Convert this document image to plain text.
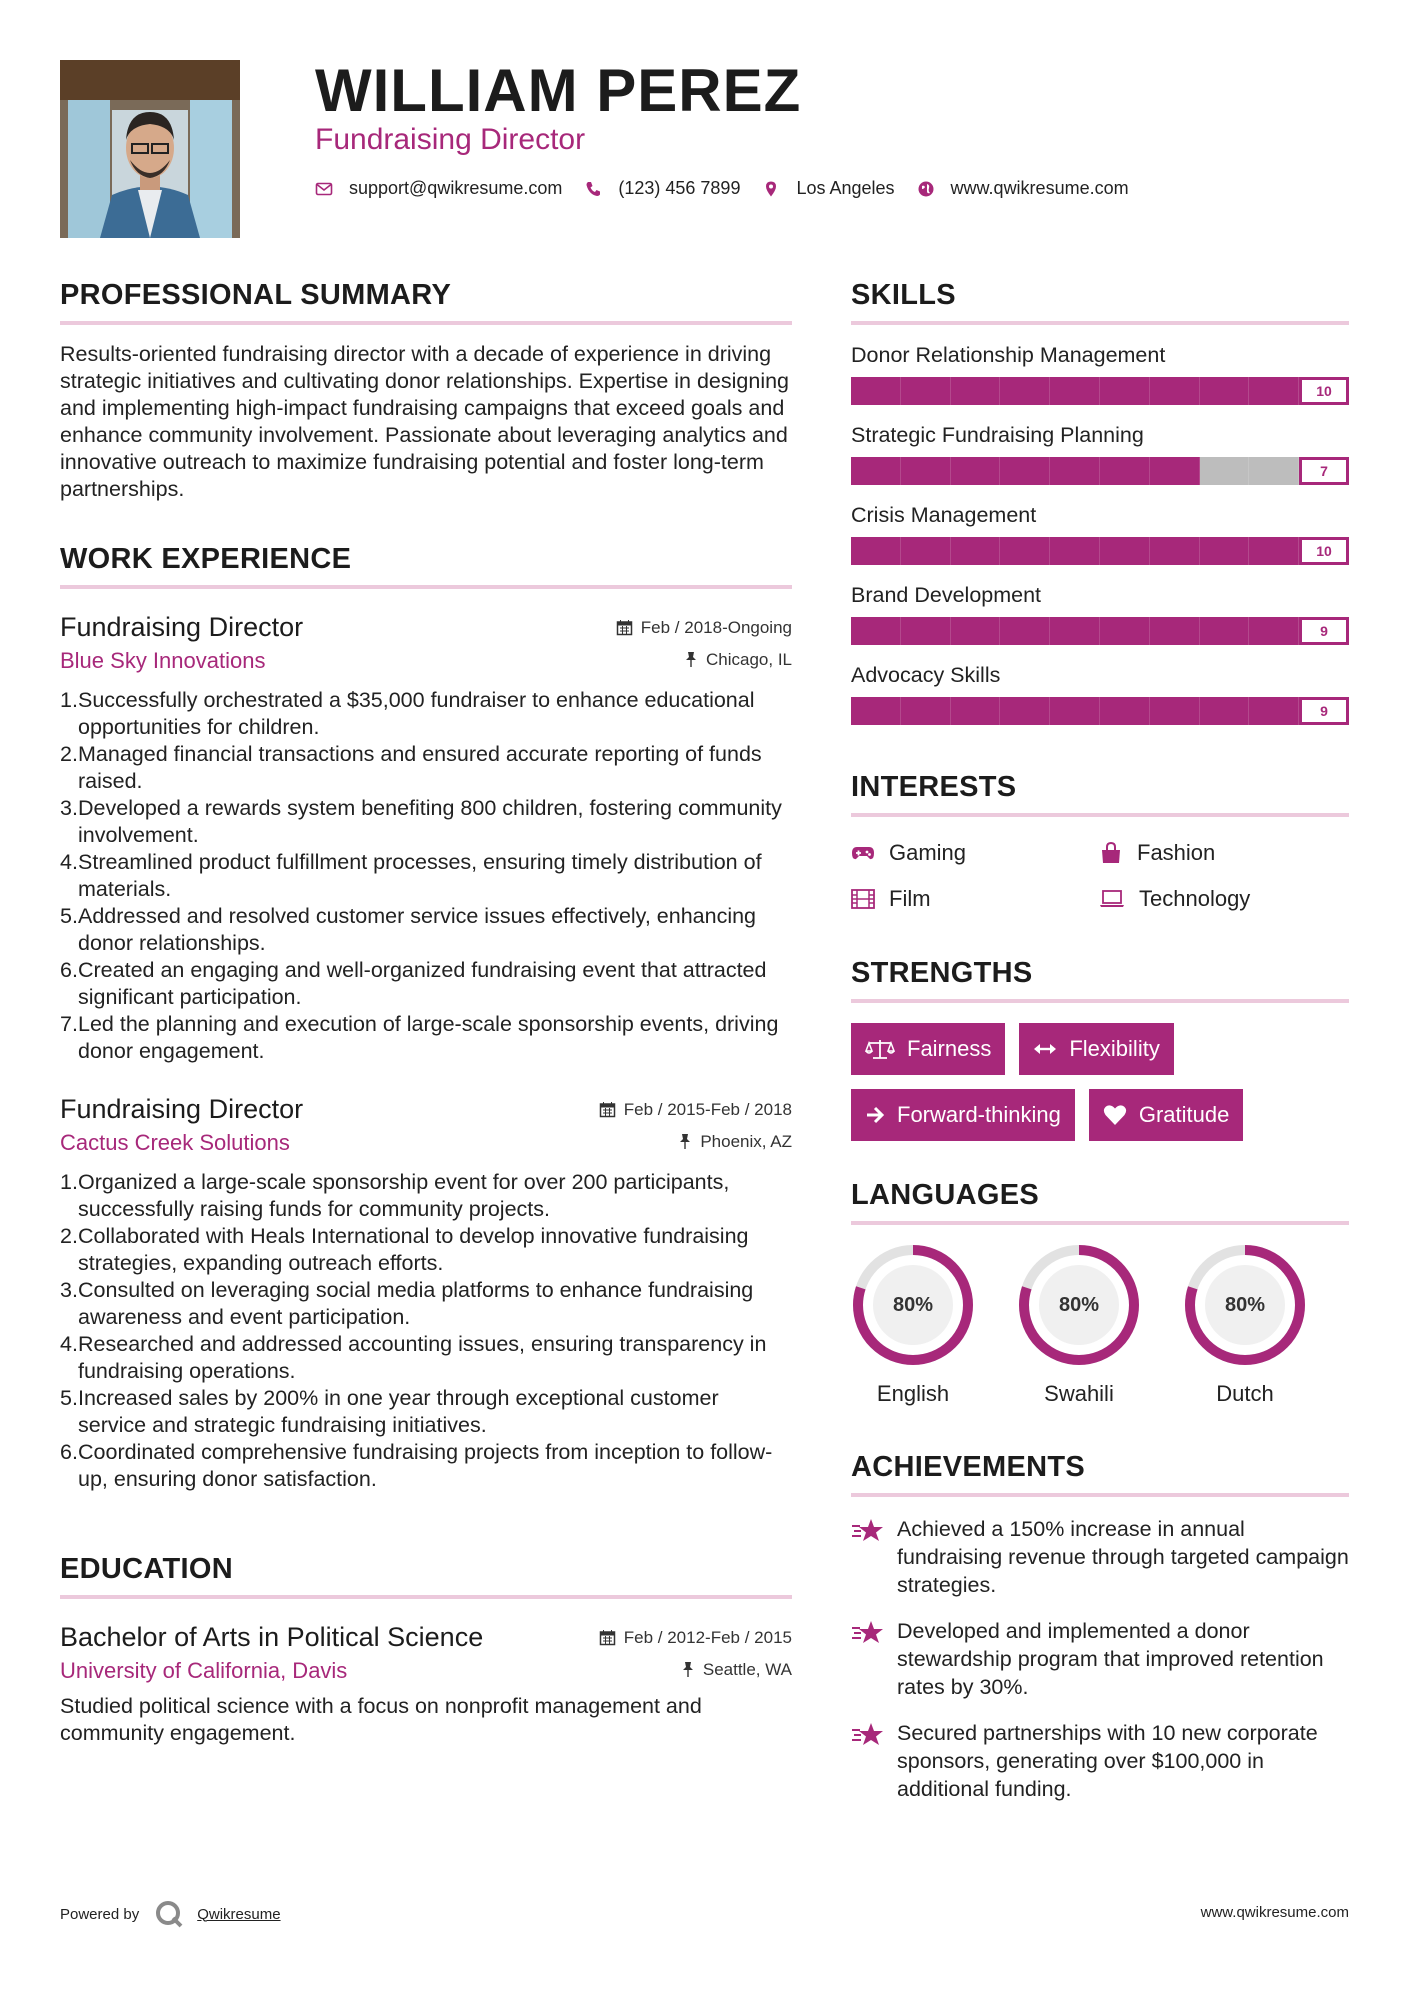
WILLIAM PEREZ
Fundraising Director
support@qwikresume.com	(123) 456 7899	Los Angeles	www.qwikresume.com
PROFESSIONAL SUMMARY

Results-oriented fundraising director with a decade of experience in driving strategic initiatives and cultivating donor relationships. Expertise in designing and implementing high-impact fundraising campaigns that exceed goals and enhance community involvement. Passionate about leveraging analytics and innovative outreach to maximize fundraising potential and foster long-term partnerships.

WORK EXPERIENCE
Fundraising Director	Feb / 2018-Ongoing
Blue Sky Innovations	Chicago, IL
1. Successfully orchestrated a $35,000 fundraiser to enhance educational opportunities for children.
2. Managed financial transactions and ensured accurate reporting of funds raised.
3. Developed a rewards system benefiting 800 children, fostering community involvement.
4. Streamlined product fulfillment processes, ensuring timely distribution of materials.
5. Addressed and resolved customer service issues effectively, enhancing donor relationships.
6. Created an engaging and well-organized fundraising event that attracted significant participation.
7. Led the planning and execution of large-scale sponsorship events, driving donor engagement.
Fundraising Director	Feb / 2015-Feb / 2018
Cactus Creek Solutions	Phoenix, AZ
1. Organized a large-scale sponsorship event for over 200 participants, successfully raising funds for community projects.
2. Collaborated with Heals International to develop innovative fundraising strategies, expanding outreach efforts.
3. Consulted on leveraging social media platforms to enhance fundraising awareness and event participation.
4. Researched and addressed accounting issues, ensuring transparency in fundraising operations.
5. Increased sales by 200% in one year through exceptional customer service and strategic fundraising initiatives.
6. Coordinated comprehensive fundraising projects from inception to follow-up, ensuring donor satisfaction.
EDUCATION
Bachelor of Arts in Political Science	Feb / 2012-Feb / 2015
University of California, Davis	Seattle, WA

Studied political science with a focus on nonprofit management and community engagement.

SKILLS
Donor Relationship Management
10
Strategic Fundraising Planning
7
Crisis Management
10
Brand Development
9
Advocacy Skills
9
INTERESTS
Gaming	Fashion
Film	Technology
STRENGTHS
Fairness	Flexibility
Forward-thinking	Gratitude
LANGUAGES
80%
English
80%
Swahili
80%
Dutch
ACHIEVEMENTS
Achieved a 150% increase in annual fundraising revenue through targeted campaign strategies.
Developed and implemented a donor stewardship program that improved retention rates by 30%.
Secured partnerships with 10 new corporate sponsors, generating over $100,000 in additional funding.
Powered by	Qwikresume	www.qwikresume.com
